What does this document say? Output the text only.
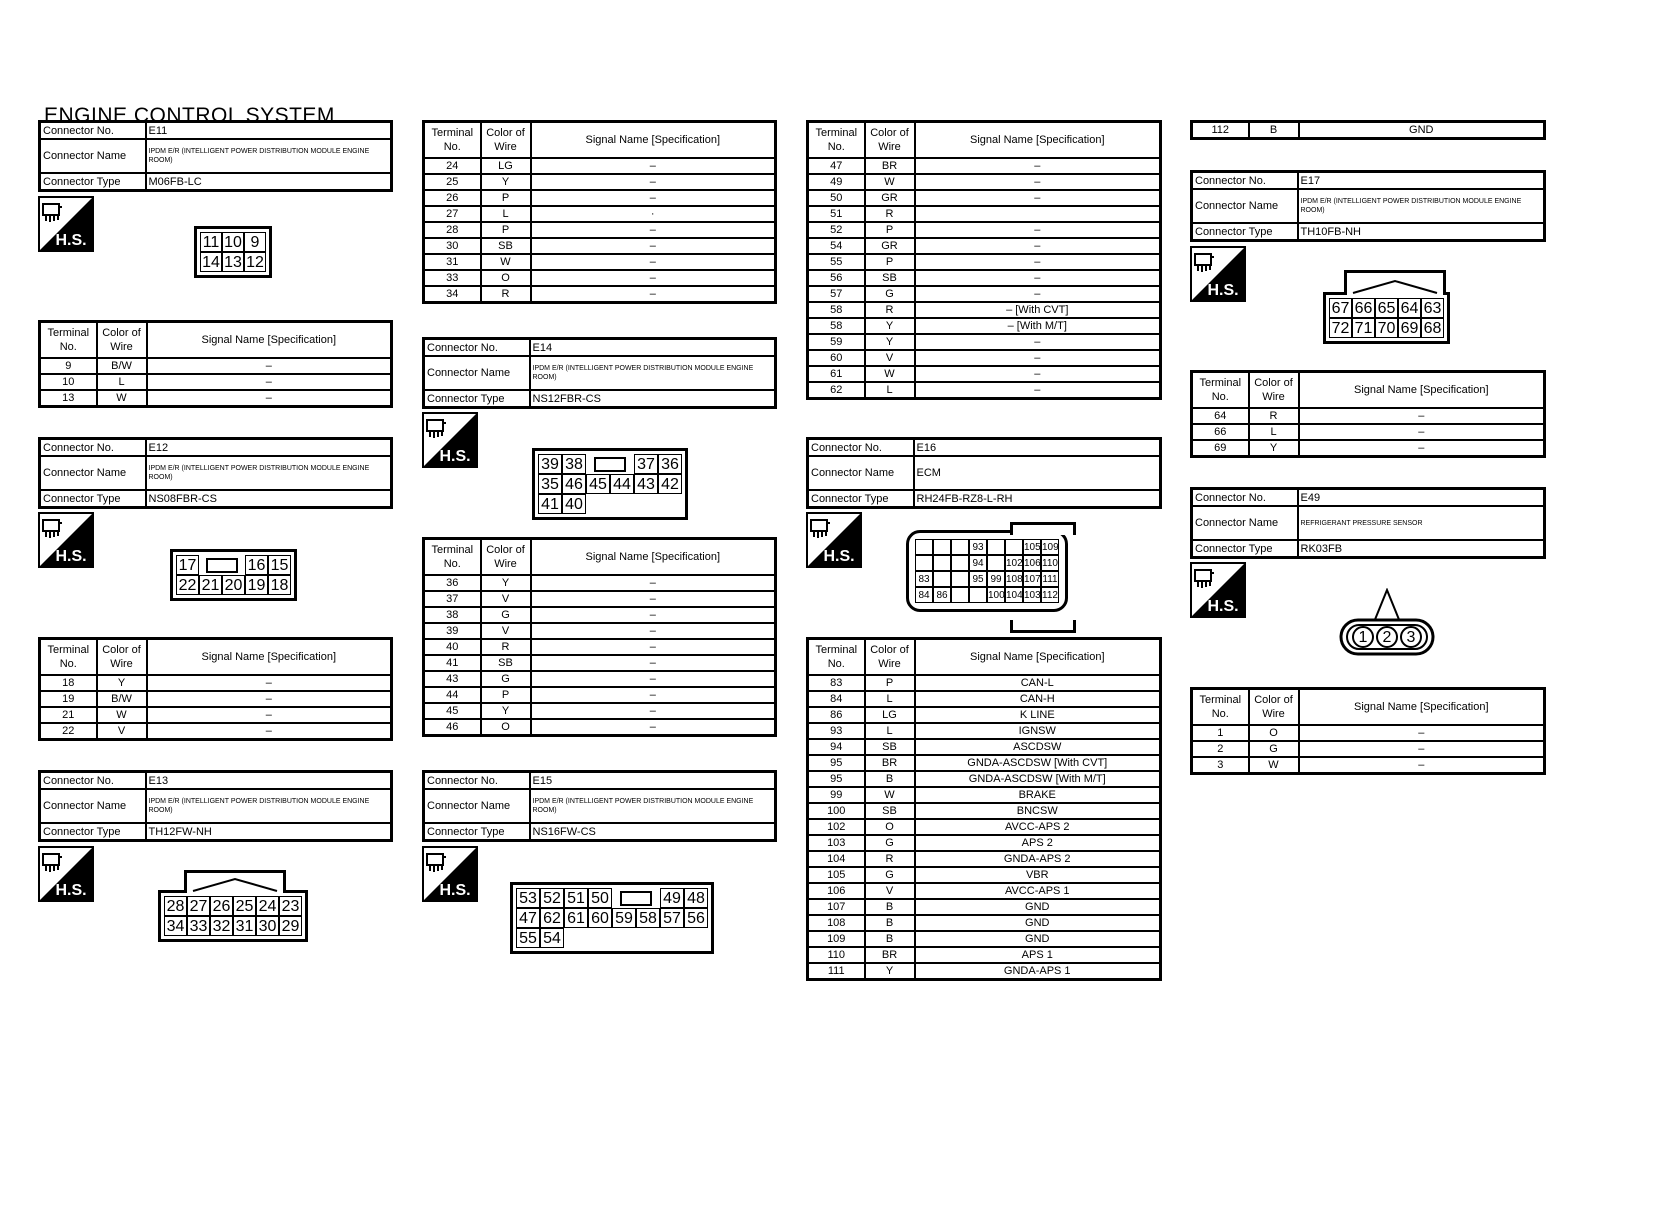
ENGINE CONTROL SYSTEM
Connector No.	E11
Connector Name	IPDM E/R (INTELLIGENT POWER DISTRIBUTION MODULE ENGINE ROOM)
Connector Type	M06FB-LC
H.S.	11 10 9
14 13 12
Terminal No.	Color of Wire	Signal Name [Specification]
9	B/W	–
10	L	–
13	W	–
Connector No.	E12
Connector Name	IPDM E/R (INTELLIGENT POWER DISTRIBUTION MODULE ENGINE ROOM)
Connector Type	NS08FBR-CS
H.S.
17	16 15
22 21 20 19 18
Terminal No.	Color of Wire	Signal Name [Specification]
18	Y	–
19	B/W	–
21	W	–
22	V	–
Connector No.	E13
Connector Name	IPDM E/R (INTELLIGENT POWER DISTRIBUTION MODULE ENGINE ROOM)
Connector Type	TH12FW-NH
H.S.
28 27 26 25 24 23
34 33 32 31 30 29
Terminal No.	Color of Wire	Signal Name [Specification]
24	LG	–
25	Y	–
26	P	–
27	L	·
28	P	–
30	SB	–
31	W	–
33	O	–
34	R	–
Connector No.	E14
Connector Name	IPDM E/R (INTELLIGENT POWER DISTRIBUTION MODULE ENGINE ROOM)
Connector Type	NS12FBR-CS
H.S.	39 38	37 36
35 46 45 44 43 42
41 40
Terminal No.	Color of Wire	Signal Name [Specification]
36	Y	–
37	V	–
38	G	–
39	V	–
40	R	–
41	SB	–
43	G	–
44	P	–
45	Y	–
46	O	–
Connector No.	E15
Connector Name	IPDM E/R (INTELLIGENT POWER DISTRIBUTION MODULE ENGINE ROOM)
Connector Type	NS16FW-CS
H.S.	53 52 51 50	49 48
47 62 61 60 59 58 57 56
55 54
Terminal No.	Color of Wire	Signal Name [Specification]
47	BR	–
49	W	–
50	GR	–
51	R	
52	P	–
54	GR	–
55	P	–
56	SB	–
57	G	–
58	R	– [With CVT]
58	Y	– [With M/T]
59	Y	–
60	V	–
61	W	–
62	L	–
Connector No.	E16
Connector Name	ECM
Connector Type	RH24FB-RZ8-L-RH
H.S.
93	105 109
94	102 106 110
83	95 99 108 107 111
84 86	100 104 103 112
Terminal No.	Color of Wire	Signal Name [Specification]
83	P	CAN-L
84	L	CAN-H
86	LG	K LINE
93	L	IGNSW
94	SB	ASCDSW
95	BR	GNDA-ASCDSW [With CVT]
95	B	GNDA-ASCDSW [With M/T]
99	W	BRAKE
100	SB	BNCSW
102	O	AVCC-APS 2
103	G	APS 2
104	R	GNDA-APS 2
105	G	VBR
106	V	AVCC-APS 1
107	B	GND
108	B	GND
109	B	GND
110	BR	APS 1
111	Y	GNDA-APS 1
112	B	GND
Connector No.	E17
Connector Name	IPDM E/R (INTELLIGENT POWER DISTRIBUTION MODULE ENGINE ROOM)
Connector Type	TH10FB-NH
H.S.
67 66 65 64 63
72 71 70 69 68
Terminal No.	Color of Wire	Signal Name [Specification]
64	R	–
66	L	–
69	Y	–
Connector No.	E49
Connector Name	REFRIGERANT PRESSURE SENSOR
Connector Type	RK03FB
H.S.
1 2 3
Terminal No.	Color of Wire	Signal Name [Specification]
1	O	–
2	G	–
3	W	–
